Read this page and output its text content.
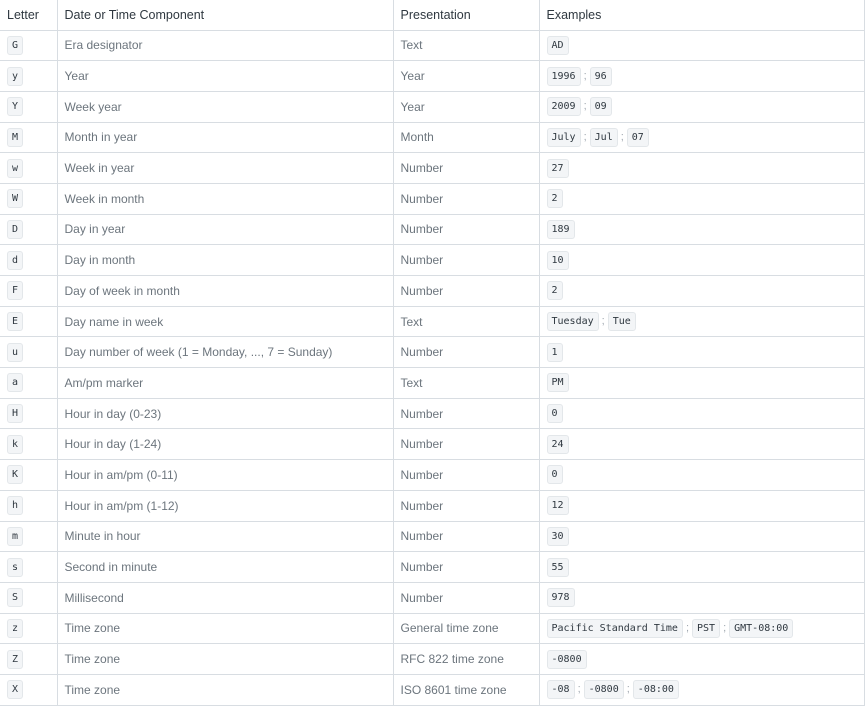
Letter	Date or Time Component	Presentation	Examples
G	Era designator	Text	AD
y	Year	Year	1996 ; 96
Y	Week year	Year	2009 ; 09
M	Month in year	Month	July ; Jul ; 07
w	Week in year	Number	27
W	Week in month	Number	2
D	Day in year	Number	189
d	Day in month	Number	10
F	Day of week in month	Number	2
E	Day name in week	Text	Tuesday ; Tue
u	Day number of week (1 = Monday, ..., 7 = Sunday)	Number	1
a	Am/pm marker	Text	PM
H	Hour in day (0-23)	Number	0
k	Hour in day (1-24)	Number	24
K	Hour in am/pm (0-11)	Number	0
h	Hour in am/pm (1-12)	Number	12
m	Minute in hour	Number	30
s	Second in minute	Number	55
S	Millisecond	Number	978
z	Time zone	General time zone	Pacific Standard Time ; PST ; GMT-08:00
Z	Time zone	RFC 822 time zone	-0800
X	Time zone	ISO 8601 time zone	-08 ; -0800 ; -08:00
